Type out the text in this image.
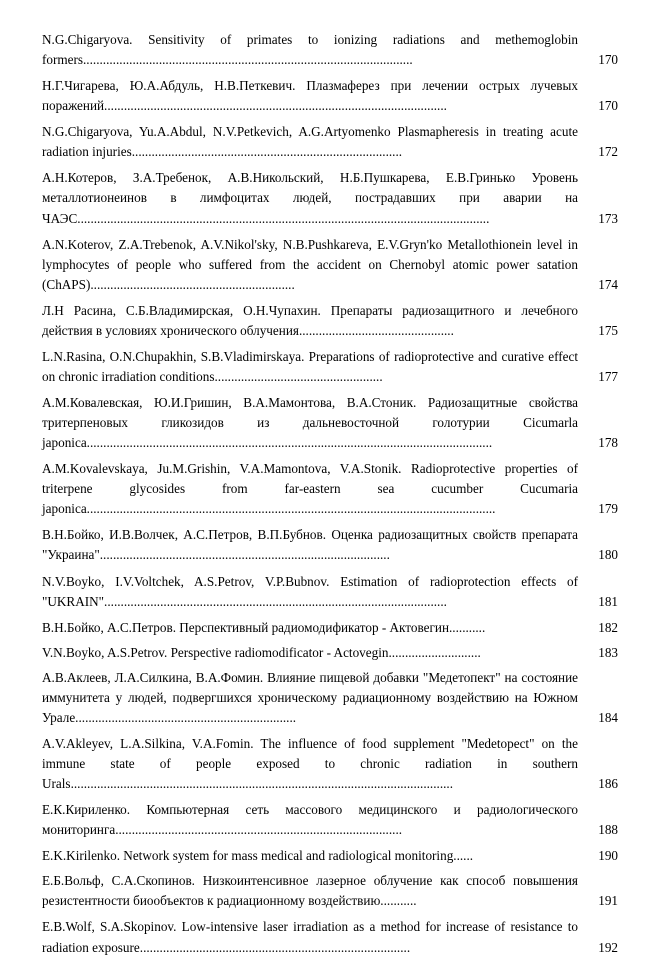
N.G.Chigaryova. Sensitivity of primates to ionizing radiations and methemoglobin formers....................................................................................................	170
Н.Г.Чигарева, Ю.А.Абдуль, Н.В.Петкевич. Плазмаферез при лечении острых лучевых поражений........................................................................................................	170
N.G.Chigaryova, Yu.A.Abdul, N.V.Petkevich, A.G.Artyomenko Plasmapheresis in treating acute radiation injuries..................................................................................	172
А.Н.Котеров, З.А.Требенок, А.В.Никольский, Н.Б.Пушкарева, Е.В.Гринько Уровень металлотионеинов в лимфоцитах людей, пострадавших при аварии на ЧАЭС.............................................................................................................................	173
A.N.Koterov, Z.A.Trebenok, A.V.Nikol'sky, N.B.Pushkareva, E.V.Gryn'ko Metallothionein level in lymphocytes of people who suffered from the accident on Chernobyl atomic power satation (ChAPS)..............................................................	174
Л.Н Расина, С.Б.Владимирская, О.Н.Чупахин. Препараты радиозащитного и лечебного действия в условиях хронического облучения...............................................	175
L.N.Rasina, O.N.Chupakhin, S.B.Vladimirskaya. Preparations of radioprotective and curative effect on chronic irradiation conditions...................................................	177
А.М.Ковалевская, Ю.И.Гришин, В.А.Мамонтова, В.А.Стоник. Радиозащитные свойства тритерпеновых гликозидов из дальневосточной голотурии Cicumarla japonica...........................................................................................................................	178
A.M.Kovalevskaya, Ju.M.Grishin, V.A.Mamontova, V.A.Stonik. Radioprotective properties of triterpene glycosides from far-eastern sea cucumber Cucumaria japonica............................................................................................................................	179
В.Н.Бойко, И.В.Волчек, А.С.Петров, В.П.Бубнов. Оценка радиозащитных свойств препарата "Украина"........................................................................................	180
N.V.Boyko, I.V.Voltchek, A.S.Petrov, V.P.Bubnov. Estimation of radioprotection effects of "UKRAIN"........................................................................................................	181
В.Н.Бойко, А.С.Петров. Перспективный радиомодификатор - Актовегин...........	182
V.N.Boyko, A.S.Petrov. Perspective radiomodificator - Actovegin............................	183
А.В.Аклеев, Л.А.Силкина, В.А.Фомин. Влияние пищевой добавки "Медетопект" на состояние иммунитета у людей, подвергшихся хроническому радиационному воздействию на Южном Урале...................................................................	184
A.V.Akleyev, L.A.Silkina, V.A.Fomin. The influence of food supplement "Medetopect" on the immune state of people exposed to chronic radiation in southern Urals....................................................................................................................	186
Е.К.Кириленко. Компьютерная сеть массового медицинского и радиологического мониторинга.......................................................................................	188
E.K.Kirilenko. Network system for mass medical and radiological monitoring......	190
Е.Б.Вольф, С.А.Скопинов. Низкоинтенсивное лазерное облучение как способ повышения резистентности биообъектов к радиационному воздействию...........	191
E.B.Wolf, S.A.Skopinov. Low-intensive laser irradiation as a method for increase of resistance to radiation exposure..................................................................................	192
